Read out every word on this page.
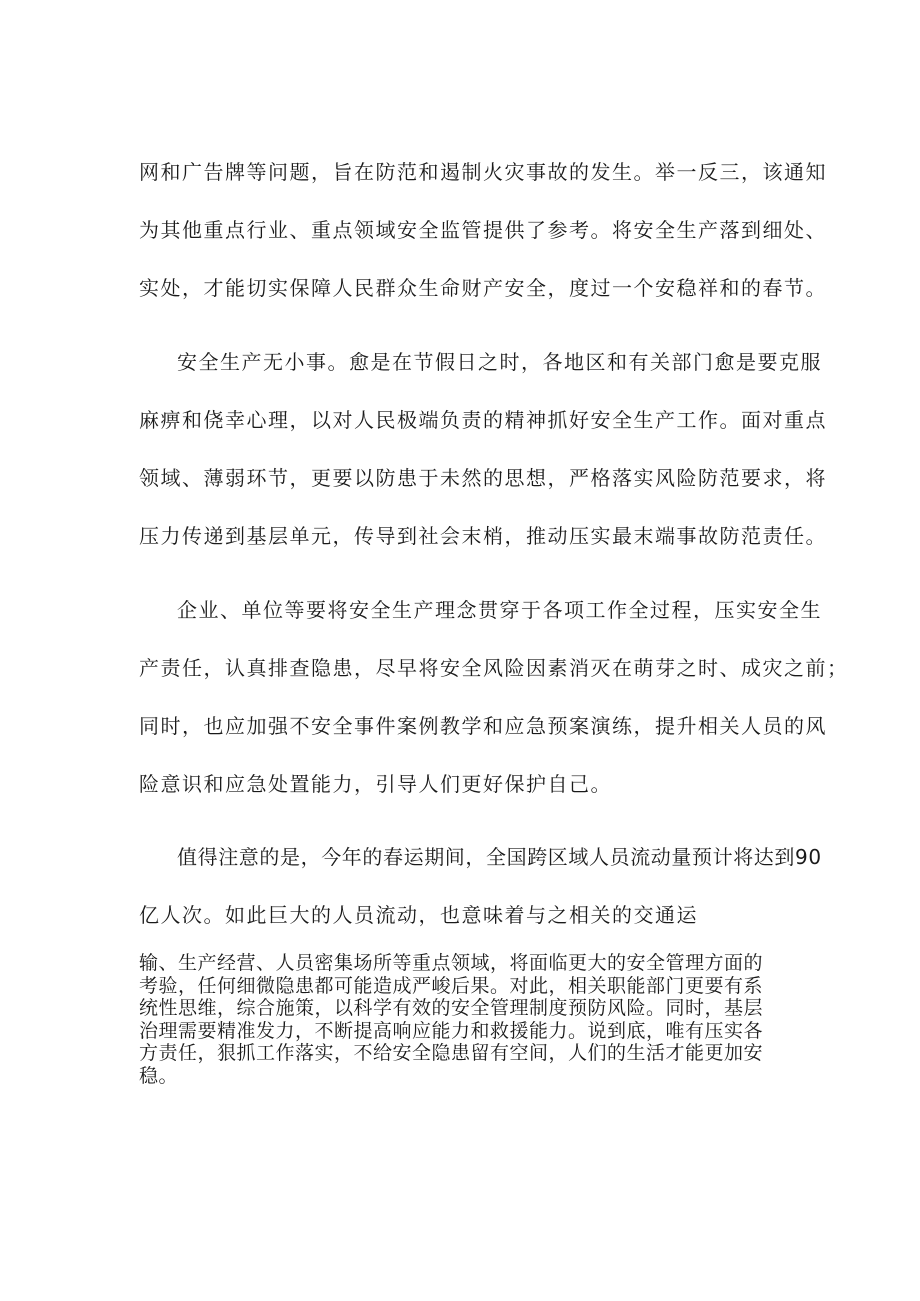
网和广告牌等问题，旨在防范和遏制火灾事故的发生。举一反三，该通知
为其他重点行业、重点领域安全监管提供了参考。将安全生产落到细处、
实处，才能切实保障人民群众生命财产安全，度过一个安稳祥和的春节。
安全生产无小事。愈是在节假日之时，各地区和有关部门愈是要克服
麻痹和侥幸心理，以对人民极端负责的精神抓好安全生产工作。面对重点
领域、薄弱环节，更要以防患于未然的思想，严格落实风险防范要求，将
压力传递到基层单元，传导到社会末梢，推动压实最末端事故防范责任。
企业、单位等要将安全生产理念贯穿于各项工作全过程，压实安全生
产责任，认真排查隐患，尽早将安全风险因素消灭在萌芽之时、成灾之前；
同时，也应加强不安全事件案例教学和应急预案演练，提升相关人员的风
险意识和应急处置能力，引导人们更好保护自己。
值得注意的是，今年的春运期间，全国跨区域人员流动量预计将达到90
亿人次。如此巨大的人员流动，也意味着与之相关的交通运
输、生产经营、人员密集场所等重点领域，将面临更大的安全管理方面的
考验，任何细微隐患都可能造成严峻后果。对此，相关职能部门更要有系
统性思维，综合施策，以科学有效的安全管理制度预防风险。同时，基层
治理需要精准发力，不断提高响应能力和救援能力。说到底，唯有压实各
方责任，狠抓工作落实，不给安全隐患留有空间，人们的生活才能更加安
稳。
